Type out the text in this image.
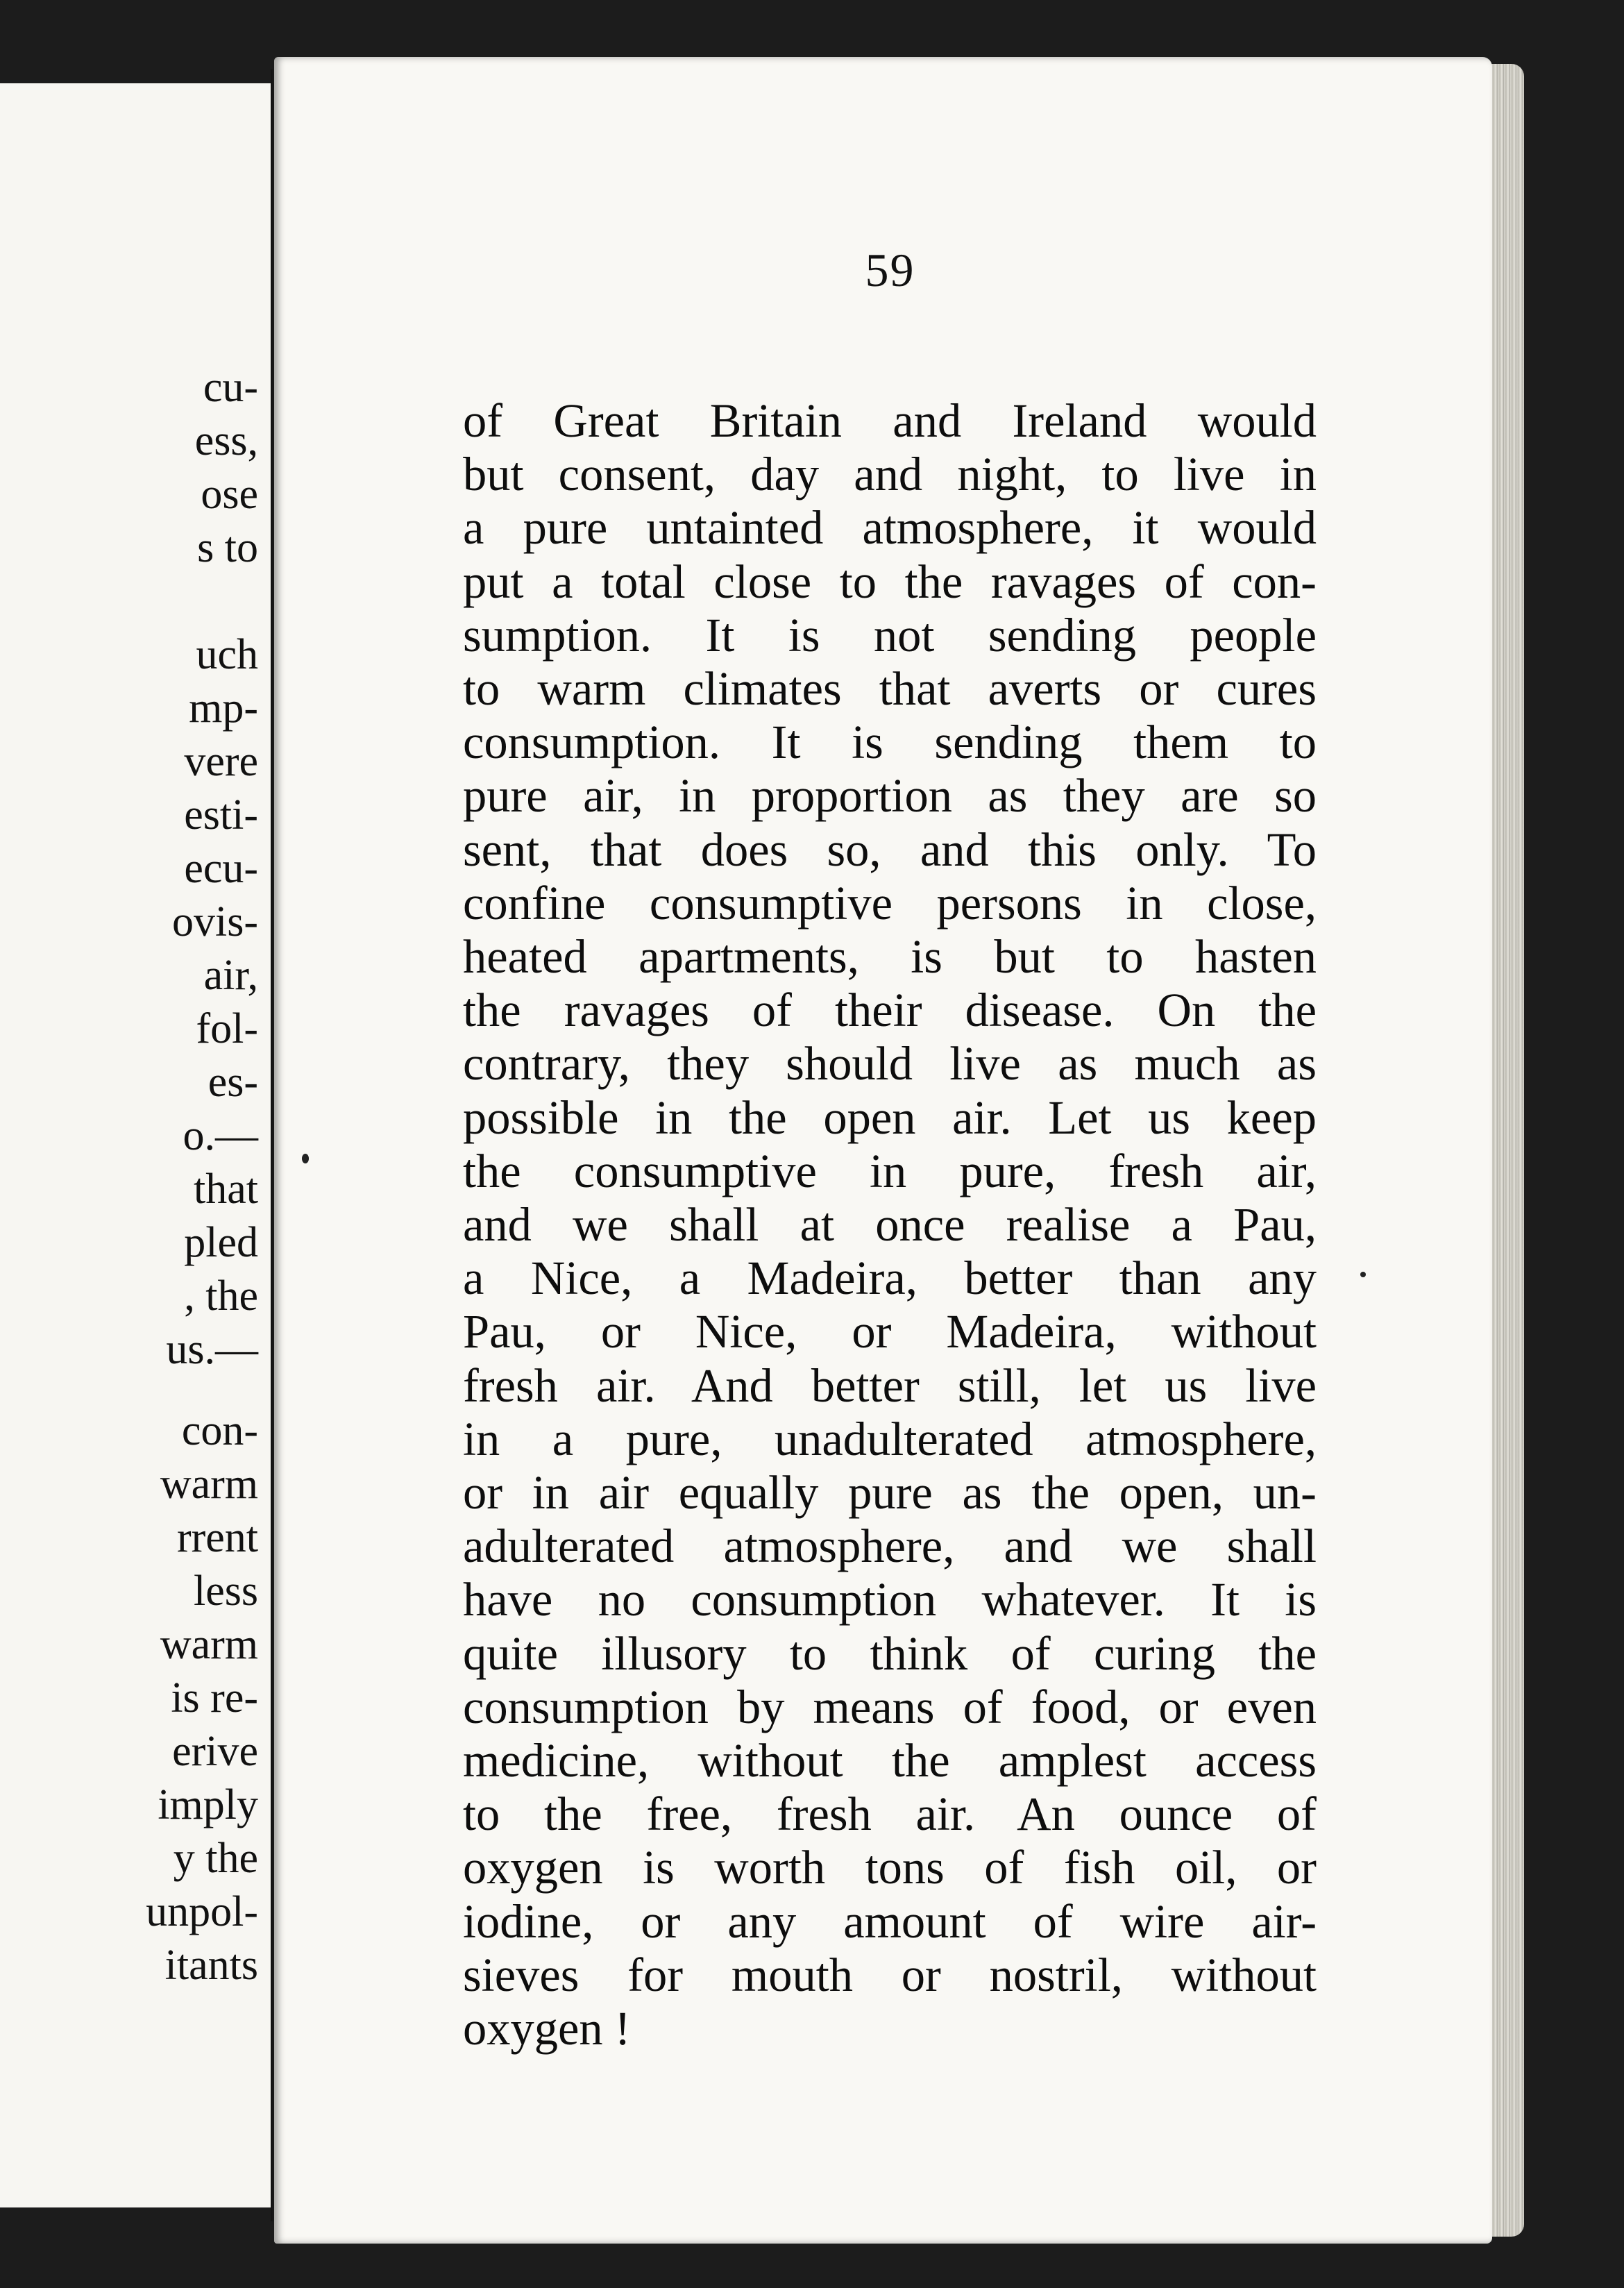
cu-
ess,
ose
s to

uch
mp-
vere
esti-
ecu-
ovis-
air,
fol-
es-
o.—
that
pled
, the
us.—
con-
warm
rrent
less
warm
is re-
erive
imply
y the
unpol-
itants
59
of Great Britain and Ireland would
but consent, day and night, to live in
a pure untainted atmosphere, it would
put a total close to the ravages of con-
sumption. It is not sending people
to warm climates that averts or cures
consumption. It is sending them to
pure air, in proportion as they are so
sent, that does so, and this only. To
confine consumptive persons in close,
heated apartments, is but to hasten
the ravages of their disease. On the
contrary, they should live as much as
possible in the open air. Let us keep
the consumptive in pure, fresh air,
and we shall at once realise a Pau,
a Nice, a Madeira, better than any
Pau, or Nice, or Madeira, without
fresh air. And better still, let us live
in a pure, unadulterated atmosphere,
or in air equally pure as the open, un-
adulterated atmosphere, and we shall
have no consumption whatever. It is
quite illusory to think of curing the
consumption by means of food, or even
medicine, without the amplest access
to the free, fresh air. An ounce of
oxygen is worth tons of fish oil, or
iodine, or any amount of wire air-
sieves for mouth or nostril, without
oxygen !
